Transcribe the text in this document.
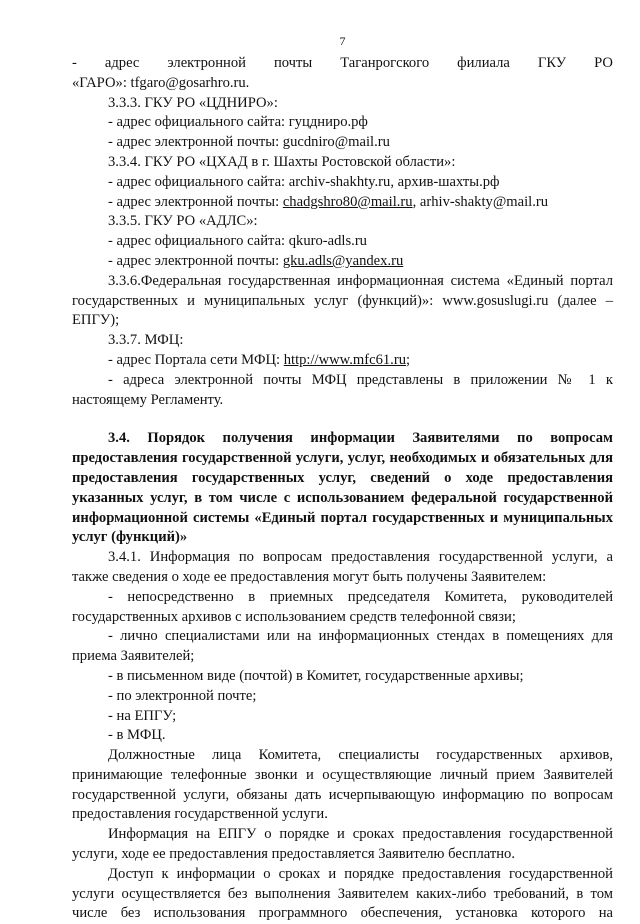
7
- адрес электронной почты Таганрогского филиала ГКУ РО

«ГАРО»: tfgaro@gosarhro.ru.

3.3.3. ГКУ РО «ЦДНИРО»:

- адрес официального сайта: гуцдниро.рф

- адрес электронной почты: gucdniro@mail.ru

3.3.4. ГКУ РО «ЦХАД в г. Шахты Ростовской области»:

- адрес официального сайта: archiv-shakhty.ru, архив-шахты.рф

- адрес электронной почты: chadgshro80@mail.ru, arhiv-shakty@mail.ru

3.3.5. ГКУ РО «АДЛС»:

- адрес официального сайта: qkuro-adls.ru

- адрес электронной почты: gku.adls@yandex.ru

3.3.6.Федеральная государственная информационная система «Единый портал государственных и муниципальных услуг (функций)»: www.gosuslugi.ru (далее – ЕПГУ);

3.3.7. МФЦ:

- адрес Портала сети МФЦ: http://www.mfc61.ru;

- адреса электронной почты МФЦ представлены в приложении № 1 к настоящему Регламенту.

3.4. Порядок получения информации Заявителями по вопросам предоставления государственной услуги, услуг, необходимых и обязательных для предоставления государственных услуг, сведений о ходе предоставления указанных услуг, в том числе с использованием федеральной государственной информационной системы «Единый портал государственных и муниципальных услуг (функций)»

3.4.1. Информация по вопросам предоставления государственной услуги, а также сведения о ходе ее предоставления могут быть получены Заявителем:

- непосредственно в приемных председателя Комитета, руководителей государственных архивов с использованием средств телефонной связи;

- лично специалистами или на информационных стендах в помещениях для приема Заявителей;

- в письменном виде (почтой) в Комитет, государственные архивы;

- по электронной почте;

- на ЕПГУ;

- в МФЦ.

Должностные лица Комитета, специалисты государственных архивов, принимающие телефонные звонки и осуществляющие личный прием Заявителей государственной услуги, обязаны дать исчерпывающую информацию по вопросам предоставления государственной услуги.

Информация на ЕПГУ о порядке и сроках предоставления государственной услуги, ходе ее предоставления предоставляется Заявителю бесплатно.

Доступ к информации о сроках и порядке предоставления государственной услуги осуществляется без выполнения Заявителем каких-либо требований, в том числе без использования программного обеспечения, установка которого на
